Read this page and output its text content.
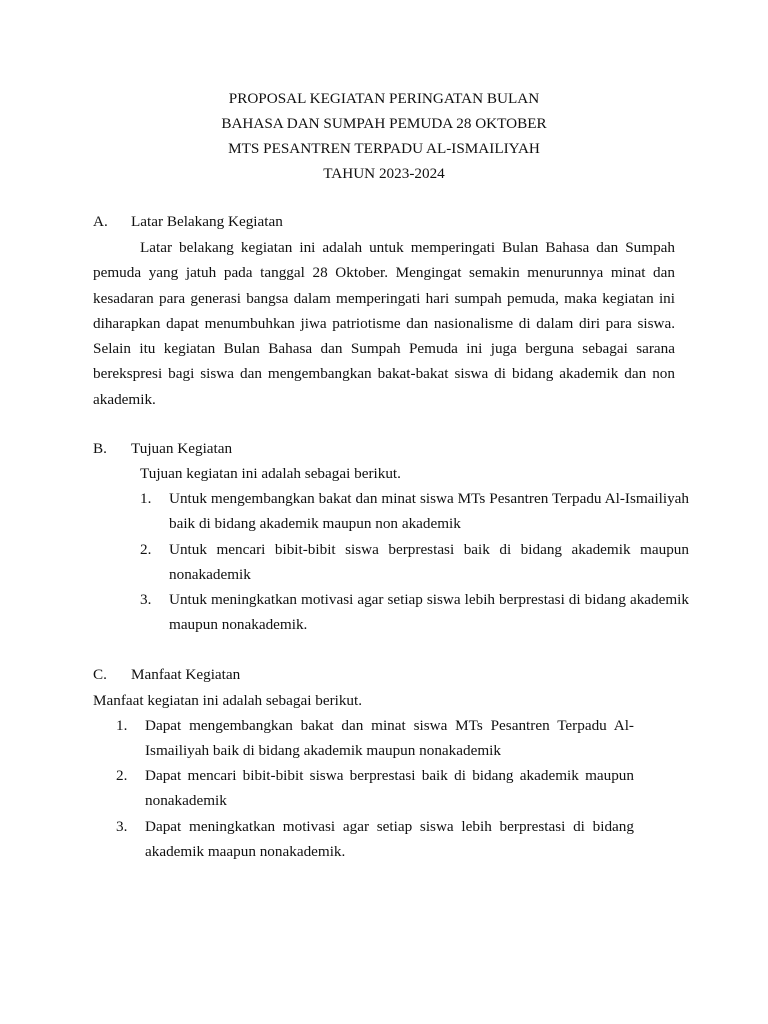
PROPOSAL KEGIATAN PERINGATAN BULAN
BAHASA DAN SUMPAH PEMUDA 28 OKTOBER
MTS PESANTREN TERPADU AL-ISMAILIYAH
TAHUN 2023-2024
A. Latar Belakang Kegiatan
Latar belakang kegiatan ini adalah untuk memperingati Bulan Bahasa dan Sumpah pemuda yang jatuh pada tanggal 28 Oktober. Mengingat semakin menurunnya minat dan kesadaran para generasi bangsa dalam memperingati hari sumpah pemuda, maka kegiatan ini diharapkan dapat menumbuhkan jiwa patriotisme dan nasionalisme di dalam diri para siswa. Selain itu kegiatan Bulan Bahasa dan Sumpah Pemuda ini juga berguna sebagai sarana berekspresi bagi siswa dan mengembangkan bakat-bakat siswa di bidang akademik dan non akademik.
B. Tujuan Kegiatan
Tujuan kegiatan ini adalah sebagai berikut.
1. Untuk mengembangkan bakat dan minat siswa MTs Pesantren Terpadu Al-Ismailiyah baik di bidang akademik maupun non akademik
2. Untuk mencari bibit-bibit siswa berprestasi baik di bidang akademik maupun nonakademik
3. Untuk meningkatkan motivasi agar setiap siswa lebih berprestasi di bidang akademik maupun nonakademik.
C. Manfaat Kegiatan
Manfaat kegiatan ini adalah sebagai berikut.
1. Dapat mengembangkan bakat dan minat siswa MTs Pesantren Terpadu Al-Ismailiyah baik di bidang akademik maupun nonakademik
2. Dapat mencari bibit-bibit siswa berprestasi baik di bidang akademik maupun nonakademik
3. Dapat meningkatkan motivasi agar setiap siswa lebih berprestasi di bidang akademik maapun nonakademik.
